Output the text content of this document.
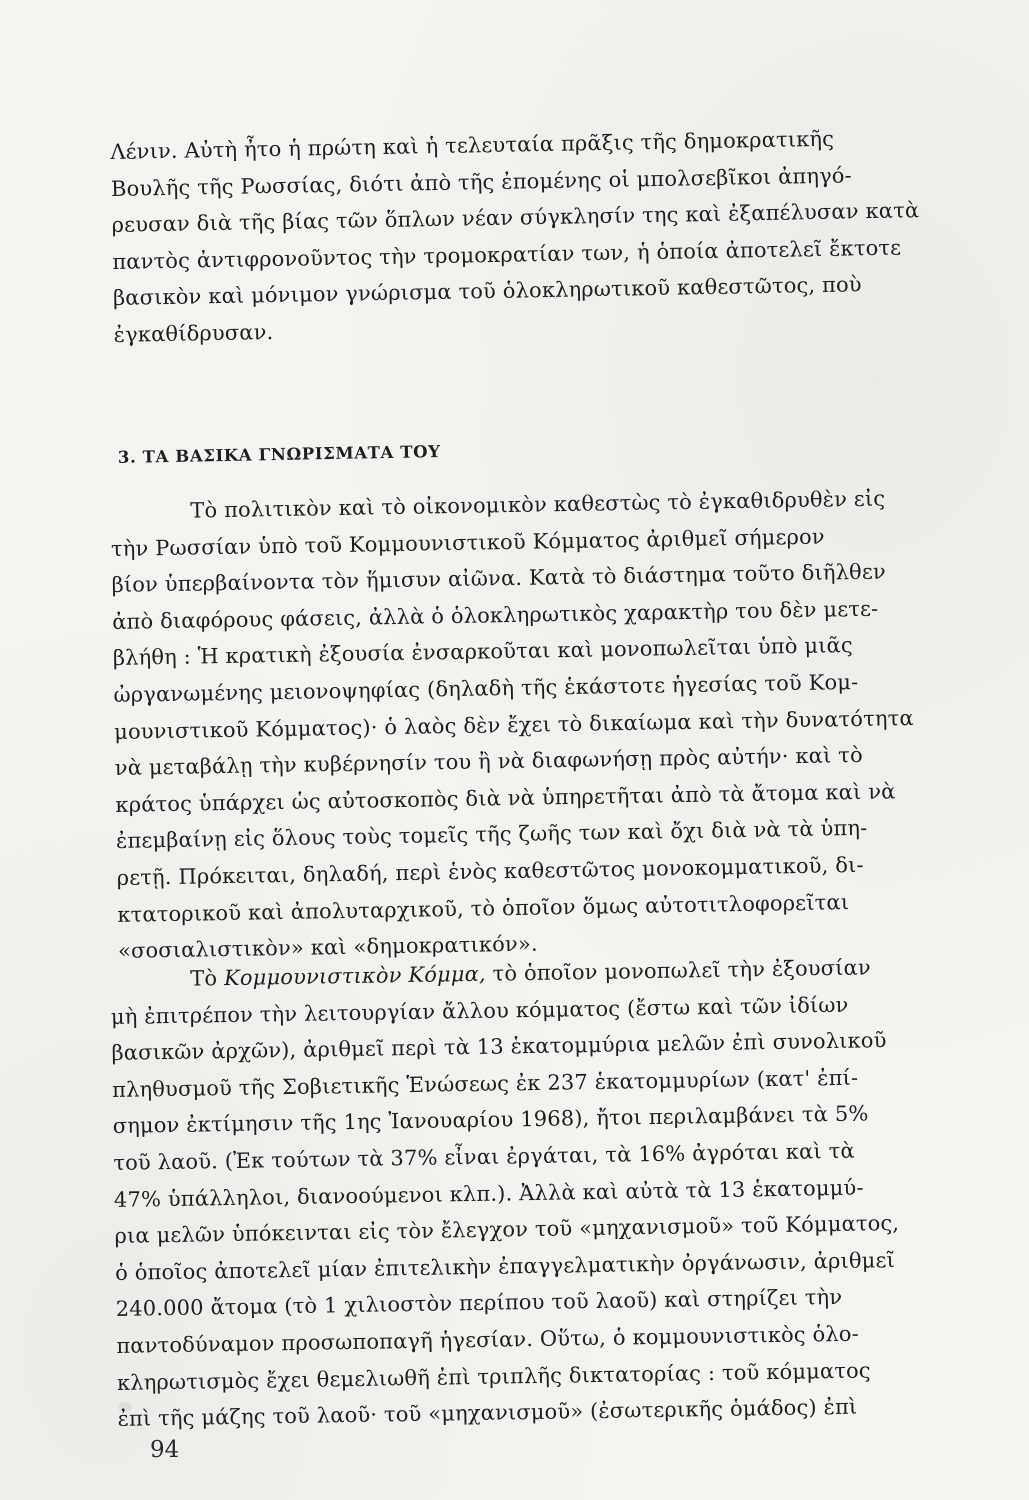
Λένιν. Αὐτὴ ἦτο ἡ πρώτη καὶ ἡ τελευταία πρᾶξις τῆς δημοκρατικῆς
Βουλῆς τῆς Ρωσσίας, διότι ἀπὸ τῆς ἐπομένης οἱ μπολσεβῖκοι ἀπηγό-
ρευσαν διὰ τῆς βίας τῶν ὅπλων νέαν σύγκλησίν της καὶ ἐξαπέλυσαν κατὰ
παντὸς ἀντιφρονοῦντος τὴν τρομοκρατίαν των, ἡ ὁποία ἀποτελεῖ ἔκτοτε
βασικὸν καὶ μόνιμον γνώρισμα τοῦ ὁλοκληρωτικοῦ καθεστῶτος, ποὺ
ἐγκαθίδρυσαν.
3. ΤΑ ΒΑΣΙΚΑ ΓΝΩΡΙΣΜΑΤΑ ΤΟΥ
Τὸ πολιτικὸν καὶ τὸ οἰκονομικὸν καθεστὼς τὸ ἐγκαθιδρυθὲν εἰς
τὴν Ρωσσίαν ὑπὸ τοῦ Κομμουνιστικοῦ Κόμματος ἀριθμεῖ σήμερον
βίον ὑπερβαίνοντα τὸν ἥμισυν αἰῶνα. Κατὰ τὸ διάστημα τοῦτο διῆλθεν
ἀπὸ διαφόρους φάσεις, ἀλλὰ ὁ ὁλοκληρωτικὸς χαρακτὴρ του δὲν μετε-
βλήθη : Ἡ κρατικὴ ἐξουσία ἐνσαρκοῦται καὶ μονοπωλεῖται ὑπὸ μιᾶς
ὠργανωμένης μειονοψηφίας (δηλαδὴ τῆς ἑκάστοτε ἡγεσίας τοῦ Κομ-
μουνιστικοῦ Κόμματος)· ὁ λαὸς δὲν ἔχει τὸ δικαίωμα καὶ τὴν δυνατότητα
νὰ μεταβάλῃ τὴν κυβέρνησίν του ἢ νὰ διαφωνήσῃ πρὸς αὐτήν· καὶ τὸ
κράτος ὑπάρχει ὡς αὐτοσκοπὸς διὰ νὰ ὑπηρετῆται ἀπὸ τὰ ἄτομα καὶ νὰ
ἐπεμβαίνῃ εἰς ὅλους τοὺς τομεῖς τῆς ζωῆς των καὶ ὄχι διὰ νὰ τὰ ὑπη-
ρετῇ. Πρόκειται, δηλαδή, περὶ ἑνὸς καθεστῶτος μονοκομματικοῦ, δι-
κτατορικοῦ καὶ ἀπολυταρχικοῦ, τὸ ὁποῖον ὅμως αὐτοτιτλοφορεῖται
«σοσιαλιστικὸν» καὶ «δημοκρατικόν».
Τὸ Κομμουνιστικὸν Κόμμα, τὸ ὁποῖον μονοπωλεῖ τὴν ἐξουσίαν
μὴ ἐπιτρέπον τὴν λειτουργίαν ἄλλου κόμματος (ἔστω καὶ τῶν ἰδίων
βασικῶν ἀρχῶν), ἀριθμεῖ περὶ τὰ 13 ἑκατομμύρια μελῶν ἐπὶ συνολικοῦ
πληθυσμοῦ τῆς Σοβιετικῆς Ἑνώσεως ἐκ 237 ἑκατομμυρίων (κατ' ἐπί-
σημον ἐκτίμησιν τῆς 1ης Ἰανουαρίου 1968), ἤτοι περιλαμβάνει τὰ 5%
τοῦ λαοῦ. (Ἐκ τούτων τὰ 37% εἶναι ἐργάται, τὰ 16% ἀγρόται καὶ τὰ
47% ὑπάλληλοι, διανοούμενοι κλπ.). Ἀλλὰ καὶ αὐτὰ τὰ 13 ἑκατομμύ-
ρια μελῶν ὑπόκεινται εἰς τὸν ἔλεγχον τοῦ «μηχανισμοῦ» τοῦ Κόμματος,
ὁ ὁποῖος ἀποτελεῖ μίαν ἐπιτελικὴν ἐπαγγελματικὴν ὀργάνωσιν, ἀριθμεῖ
240.000 ἄτομα (τὸ 1 χιλιοστὸν περίπου τοῦ λαοῦ) καὶ στηρίζει τὴν
παντοδύναμον προσωποπαγῆ ἡγεσίαν. Οὕτω, ὁ κομμουνιστικὸς ὁλο-
κληρωτισμὸς ἔχει θεμελιωθῆ ἐπὶ τριπλῆς δικτατορίας : τοῦ κόμματος
ἐπὶ τῆς μάζης τοῦ λαοῦ· τοῦ «μηχανισμοῦ» (ἐσωτερικῆς ὁμάδος) ἐπὶ
94
